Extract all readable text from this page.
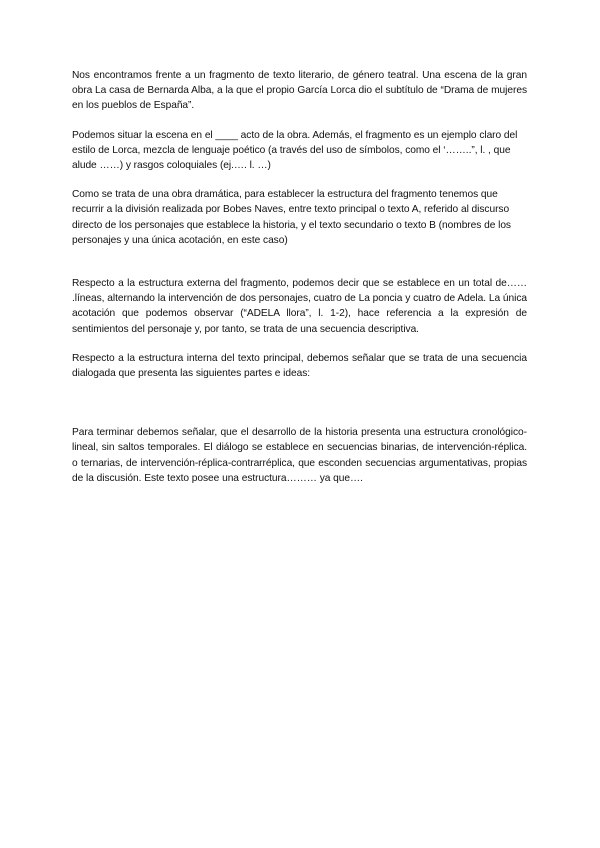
Nos encontramos frente a un fragmento de texto literario, de género teatral. Una escena de la gran obra La casa de Bernarda Alba, a la que el propio García Lorca dio el subtítulo de “Drama de mujeres en los pueblos de España”.

Podemos situar la escena en el ____ acto de la obra. Además, el fragmento es un ejemplo claro del estilo de Lorca, mezcla de lenguaje poético (a través del uso de símbolos, como el ‘……..”, l. , que alude ……) y rasgos coloquiales (ej.…. l. …)

Como se trata de una obra dramática, para establecer la estructura del fragmento tenemos que recurrir a la división realizada por Bobes Naves, entre texto principal o texto A, referido al discurso directo de los personajes que establece la historia, y el texto secundario o texto B (nombres de los personajes y una única acotación, en este caso)

Respecto a la estructura externa del fragmento, podemos decir que se establece en un total de…… .líneas, alternando la intervención de dos personajes, cuatro de La poncia y cuatro de Adela. La única acotación que podemos observar (“ADELA llora”, l. 1-2), hace referencia a la expresión de sentimientos del personaje y, por tanto, se trata de una secuencia descriptiva.

Respecto a la estructura interna del texto principal, debemos señalar que se trata de una secuencia dialogada que presenta las siguientes partes e ideas:

Para terminar debemos señalar, que el desarrollo de la historia presenta una estructura cronológico-lineal, sin saltos temporales. El diálogo se establece en secuencias binarias, de intervención-réplica. o ternarias, de intervención-réplica-contrarréplica, que esconden secuencias argumentativas, propias de la discusión. Este texto posee una estructura……… ya que….
